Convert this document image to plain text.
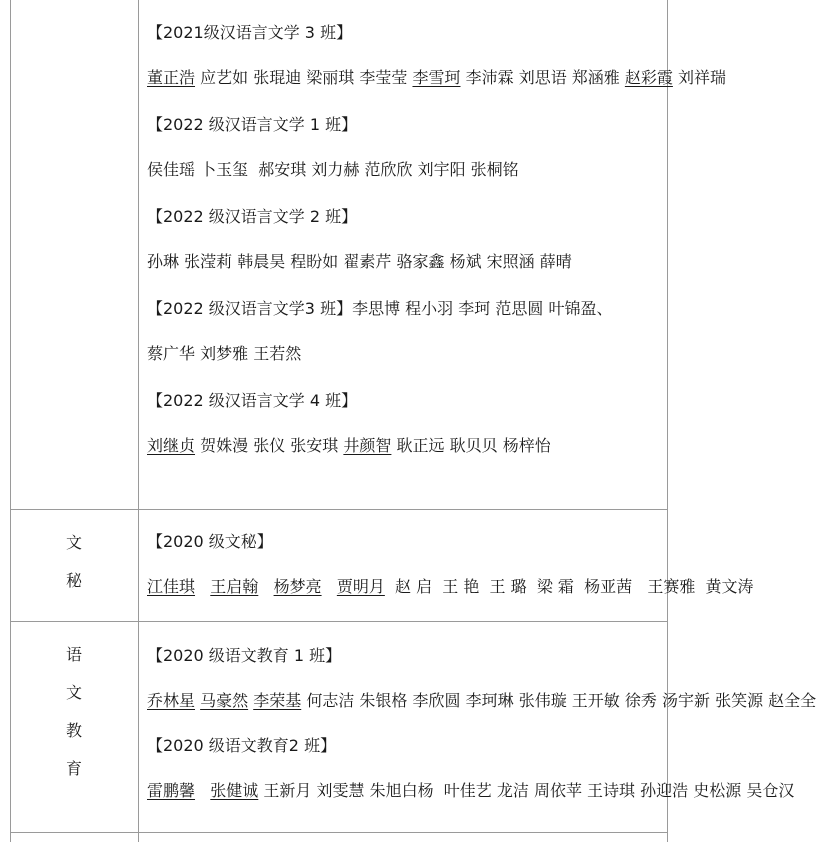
【2021级汉语言文学 3 班】董正浩 应艺如 张琨迪 梁丽琪 李莹莹 李雪珂 李沛霖 刘思语 郑涵雅 赵彩霞 刘祥瑞
【2022 级汉语言文学 1 班】侯佳瑶 卜玉玺  郝安琪 刘力赫 范欣欣 刘宇阳 张桐铭
【2022 级汉语言文学 2 班】孙琳 张滢莉 韩晨昊 程盼如 翟素芹 骆家鑫 杨斌 宋照涵 薛晴
【2022 级汉语言文学3 班】李思博 程小羽 李珂 范思圆 叶锦盈、蔡广华 刘梦雅 王若然
【2022 级汉语言文学 4 班】刘继贞 贺姝漫 张仪 张安琪 井颜智 耿正远 耿贝贝 杨梓怡
文
秘
【2020 级文秘】江佳琪 王启翰 杨梦亮 贾明月  赵 启  王 艳  王 璐  梁 霜  杨亚茜   王赛雅  黄文涛
语
文
教
育
【2020 级语文教育 1 班】乔林星 马豪然 李荣基 何志洁 朱银格 李欣圆 李珂琳 张伟璇 王开敏 徐秀 汤宇新 张笑源 赵全全
【2020 级语文教育2 班】雷鹏馨 张健诚 王新月 刘雯慧 朱旭白杨  叶佳艺 龙洁 周依苹 王诗琪 孙迎浩 史松源 吴仓汉
